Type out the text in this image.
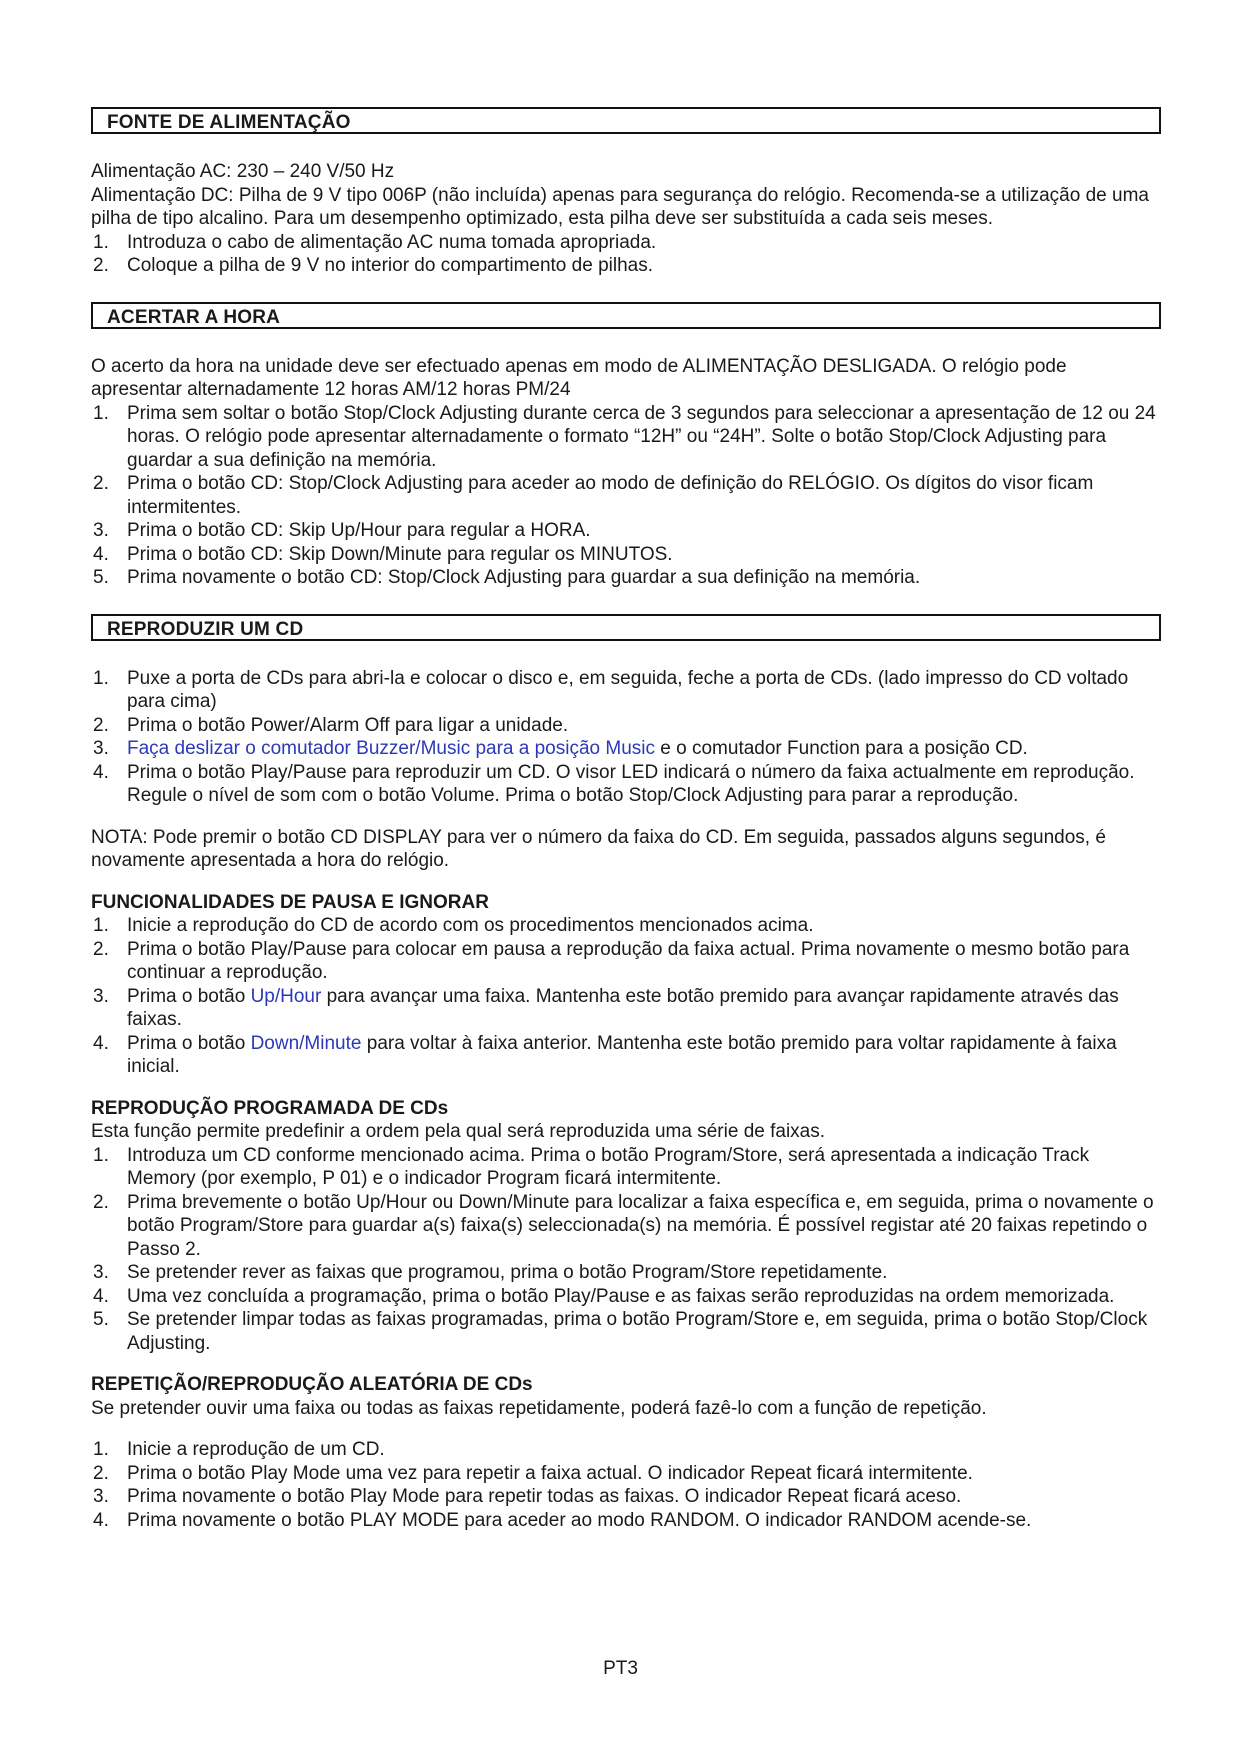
FONTE DE ALIMENTAÇÃO

Alimentação AC: 230 – 240 V/50 Hz

Alimentação DC: Pilha de 9 V tipo 006P (não incluída) apenas para segurança do relógio. Recomenda-se a utilização de uma pilha de tipo alcalino. Para um desempenho optimizado, esta pilha deve ser substituída a cada seis meses.

1. Introduza o cabo de alimentação AC numa tomada apropriada.
2. Coloque a pilha de 9 V no interior do compartimento de pilhas.
ACERTAR A HORA

O acerto da hora na unidade deve ser efectuado apenas em modo de ALIMENTAÇÃO DESLIGADA. O relógio pode apresentar alternadamente 12 horas AM/12 horas PM/24

1. Prima sem soltar o botão Stop/Clock Adjusting durante cerca de 3 segundos para seleccionar a apresentação de 12 ou 24 horas. O relógio pode apresentar alternadamente o formato “12H” ou “24H”. Solte o botão Stop/Clock Adjusting para guardar a sua definição na memória.
2. Prima o botão CD: Stop/Clock Adjusting para aceder ao modo de definição do RELÓGIO. Os dígitos do visor ficam intermitentes.
3. Prima o botão CD: Skip Up/Hour para regular a HORA.
4. Prima o botão CD: Skip Down/Minute para regular os MINUTOS.
5. Prima novamente o botão CD: Stop/Clock Adjusting para guardar a sua definição na memória.
REPRODUZIR UM CD
1. Puxe a porta de CDs para abri-la e colocar o disco e, em seguida, feche a porta de CDs. (lado impresso do CD voltado para cima)
2. Prima o botão Power/Alarm Off para ligar a unidade.
3. Faça deslizar o comutador Buzzer/Music para a posição Music e o comutador Function para a posição CD.
4. Prima o botão Play/Pause para reproduzir um CD. O visor LED indicará o número da faixa actualmente em reprodução. Regule o nível de som com o botão Volume. Prima o botão Stop/Clock Adjusting para parar a reprodução.

NOTA: Pode premir o botão CD DISPLAY para ver o número da faixa do CD. Em seguida, passados alguns segundos, é novamente apresentada a hora do relógio.

FUNCIONALIDADES DE PAUSA E IGNORAR

1. Inicie a reprodução do CD de acordo com os procedimentos mencionados acima.
2. Prima o botão Play/Pause para colocar em pausa a reprodução da faixa actual. Prima novamente o mesmo botão para continuar a reprodução.
3. Prima o botão Up/Hour para avançar uma faixa. Mantenha este botão premido para avançar rapidamente através das faixas.
4. Prima o botão Down/Minute para voltar à faixa anterior. Mantenha este botão premido para voltar rapidamente à faixa inicial.

REPRODUÇÃO PROGRAMADA DE CDs

Esta função permite predefinir a ordem pela qual será reproduzida uma série de faixas.

1. Introduza um CD conforme mencionado acima. Prima o botão Program/Store, será apresentada a indicação Track Memory (por exemplo, P 01) e o indicador Program ficará intermitente.
2. Prima brevemente o botão Up/Hour ou Down/Minute para localizar a faixa específica e, em seguida, prima o novamente o botão Program/Store para guardar a(s) faixa(s) seleccionada(s) na memória. É possível registar até 20 faixas repetindo o Passo 2.
3. Se pretender rever as faixas que programou, prima o botão Program/Store repetidamente.
4. Uma vez concluída a programação, prima o botão Play/Pause e as faixas serão reproduzidas na ordem memorizada.
5. Se pretender limpar todas as faixas programadas, prima o botão Program/Store e, em seguida, prima o botão Stop/Clock Adjusting.

REPETIÇÃO/REPRODUÇÃO ALEATÓRIA DE CDs

Se pretender ouvir uma faixa ou todas as faixas repetidamente, poderá fazê-lo com a função de repetição.

1. Inicie a reprodução de um CD.
2. Prima o botão Play Mode uma vez para repetir a faixa actual. O indicador Repeat ficará intermitente.
3. Prima novamente o botão Play Mode para repetir todas as faixas. O indicador Repeat ficará aceso.
4. Prima novamente o botão PLAY MODE para aceder ao modo RANDOM. O indicador RANDOM acende-se.
PT3
